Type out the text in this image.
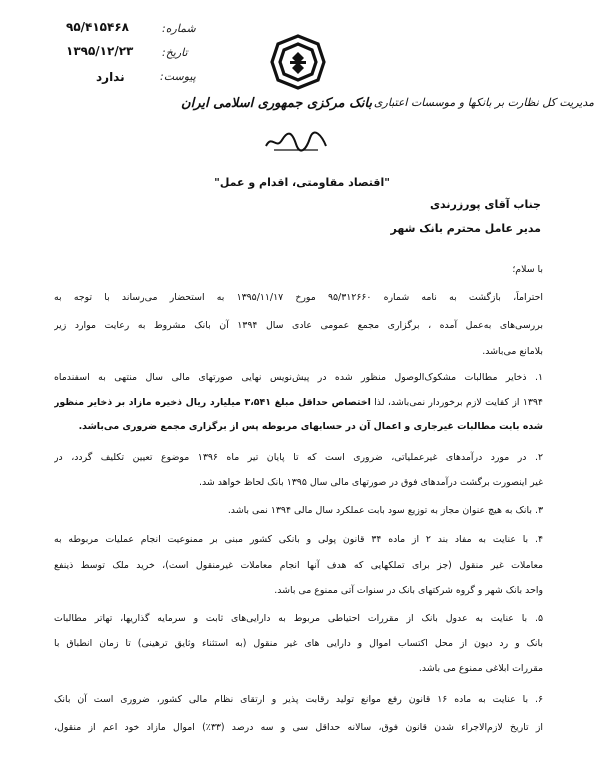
شماره:
۹۵/۴۱۵۴۶۸
تاریخ:
۱۳۹۵/۱۲/۲۳
پیوست:
ندارد
بانک مرکزی جمهوری اسلامی ایران مدیریت کل نظارت بر بانکها و موسسات اعتباری
"اقتصاد مقاومتی، اقدام و عمل"
جناب آقای پورزرندی
مدیر عامل محترم بانک شهر
با سلام؛
احتراماً، بازگشت به نامه شماره ۹۵/۳۱۲۶۶۰ مورخ ۱۳۹۵/۱۱/۱۷ به استحضار می‌رساند با توجه به
بررسی‌های به‌عمل آمده ، برگزاری مجمع عمومی عادی سال ۱۳۹۴ آن بانک مشروط به رعایت موارد زیر
بلامانع می‌باشد.
۱. ذخایر مطالبات مشکوک‌الوصول منظور شده در پیش‌نویس نهایی صورتهای مالی سال منتهی به اسفندماه
۱۳۹۴ از کفایت لازم برخوردار نمی‌باشد، لذا اختصاص حداقل مبلغ ۳،۵۴۱ میلیارد ریال ذخیره مازاد بر ذخایر منظور
شده بابت مطالبات غیرجاری و اعمال آن در حسابهای مربوطه پس از برگزاری مجمع ضروری می‌باشد.
۲. در مورد درآمدهای غیرعملیاتی، ضروری است که تا پایان تیر ماه ۱۳۹۶ موضوع تعیین تکلیف گردد، در
غیر اینصورت برگشت درآمدهای فوق در صورتهای مالی سال ۱۳۹۵ بانک لحاظ خواهد شد.
۳. بانک به هیچ عنوان مجاز به توزیع سود بابت عملکرد سال مالی ۱۳۹۴ نمی باشد.
۴. با عنایت به مفاد بند ۲ از ماده ۳۴ قانون پولی و بانکی کشور مبنی بر ممنوعیت انجام عملیات مربوطه به
معاملات غیر منقول (جز برای تملکهایی که هدف آنها انجام معاملات غیرمنقول است)، خرید ملک توسط ذینفع
واحد بانک شهر و گروه شرکتهای بانک در سنوات آتی ممنوع می باشد.
۵. با عنایت به عدول بانک از مقررات احتیاطی مربوط به دارایی‌های ثابت و سرمایه گذاریها، تهاتر مطالبات
بانک و رد دیون از محل اکتساب اموال و دارایی های غیر منقول (به استثناء وثایق ترهینی) تا زمان انطباق با
مقررات ابلاغی ممنوع می باشد.
۶. با عنایت به ماده ۱۶ قانون رفع موانع تولید رقابت پذیر و ارتقای نظام مالی کشور، ضروری است آن بانک
از تاریخ لازم‌الاجراء شدن قانون فوق، سالانه حداقل سی و سه درصد (۳۳٪) اموال مازاد خود اعم از منقول،
